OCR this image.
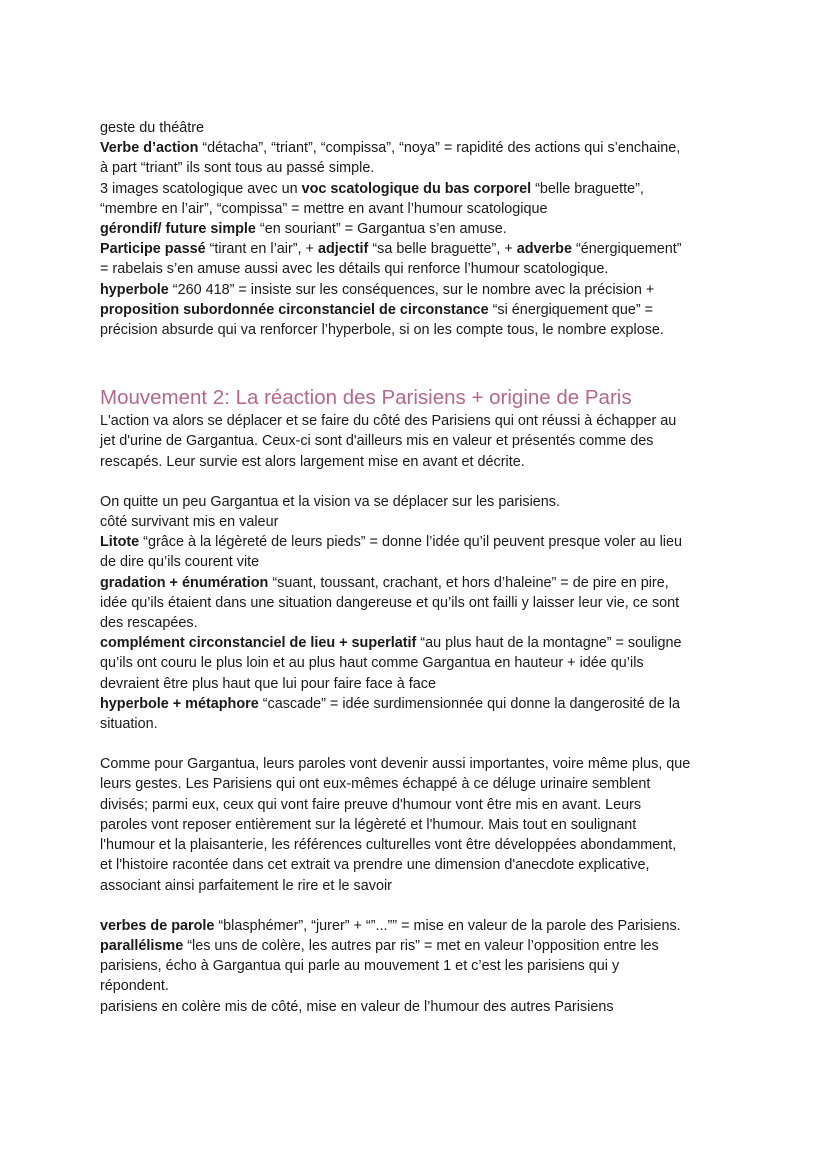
geste du théâtre

Verbe d’action “détacha”, “triant”, “compissa”, “noya” = rapidité des actions qui s’enchaine,

à part “triant” ils sont tous au passé simple.

3 images scatologique avec un voc scatologique du bas corporel “belle braguette”,

“membre en l’air”, “compissa” = mettre en avant l’humour scatologique

gérondif/ future simple “en souriant” = Gargantua s’en amuse.

Participe passé “tirant en l’air”, + adjectif “sa belle braguette”, + adverbe “énergiquement”

= rabelais s’en amuse aussi avec les détails qui renforce l’humour scatologique.

hyperbole “260 418” = insiste sur les conséquences, sur le nombre avec la précision +

proposition subordonnée circonstanciel de circonstance “si énergiquement que” =

précision absurde qui va renforcer l’hyperbole, si on les compte tous, le nombre explose.

Mouvement 2: La réaction des Parisiens + origine de Paris

L'action va alors se déplacer et se faire du côté des Parisiens qui ont réussi à échapper au

jet d'urine de Gargantua. Ceux-ci sont d'ailleurs mis en valeur et présentés comme des

rescapés. Leur survie est alors largement mise en avant et décrite.

On quitte un peu Gargantua et la vision va se déplacer sur les parisiens.

côté survivant mis en valeur

Litote “grâce à la légèreté de leurs pieds” = donne l’idée qu’il peuvent presque voler au lieu

de dire qu’ils courent vite

gradation + énumération “suant, toussant, crachant, et hors d’haleine” = de pire en pire,

idée qu’ils étaient dans une situation dangereuse et qu’ils ont failli y laisser leur vie, ce sont

des rescapées.

complément circonstanciel de lieu + superlatif “au plus haut de la montagne” = souligne

qu’ils ont couru le plus loin et au plus haut comme Gargantua en hauteur + idée qu’ils

devraient être plus haut que lui pour faire face à face

hyperbole + métaphore “cascade” = idée surdimensionnée qui donne la dangerosité de la

situation.

Comme pour Gargantua, leurs paroles vont devenir aussi importantes, voire même plus, que

leurs gestes. Les Parisiens qui ont eux-mêmes échappé à ce déluge urinaire semblent

divisés; parmi eux, ceux qui vont faire preuve d'humour vont être mis en avant. Leurs

paroles vont reposer entièrement sur la légèreté et l'humour. Mais tout en soulignant

l'humour et la plaisanterie, les références culturelles vont être développées abondamment,

et l'histoire racontée dans cet extrait va prendre une dimension d'anecdote explicative,

associant ainsi parfaitement le rire et le savoir

verbes de parole “blasphémer”, “jurer” + “”...”” = mise en valeur de la parole des Parisiens.

parallélisme “les uns de colère, les autres par ris” = met en valeur l’opposition entre les

parisiens, écho à Gargantua qui parle au mouvement 1 et c’est les parisiens qui y

répondent.

parisiens en colère mis de côté, mise en valeur de l’humour des autres Parisiens
